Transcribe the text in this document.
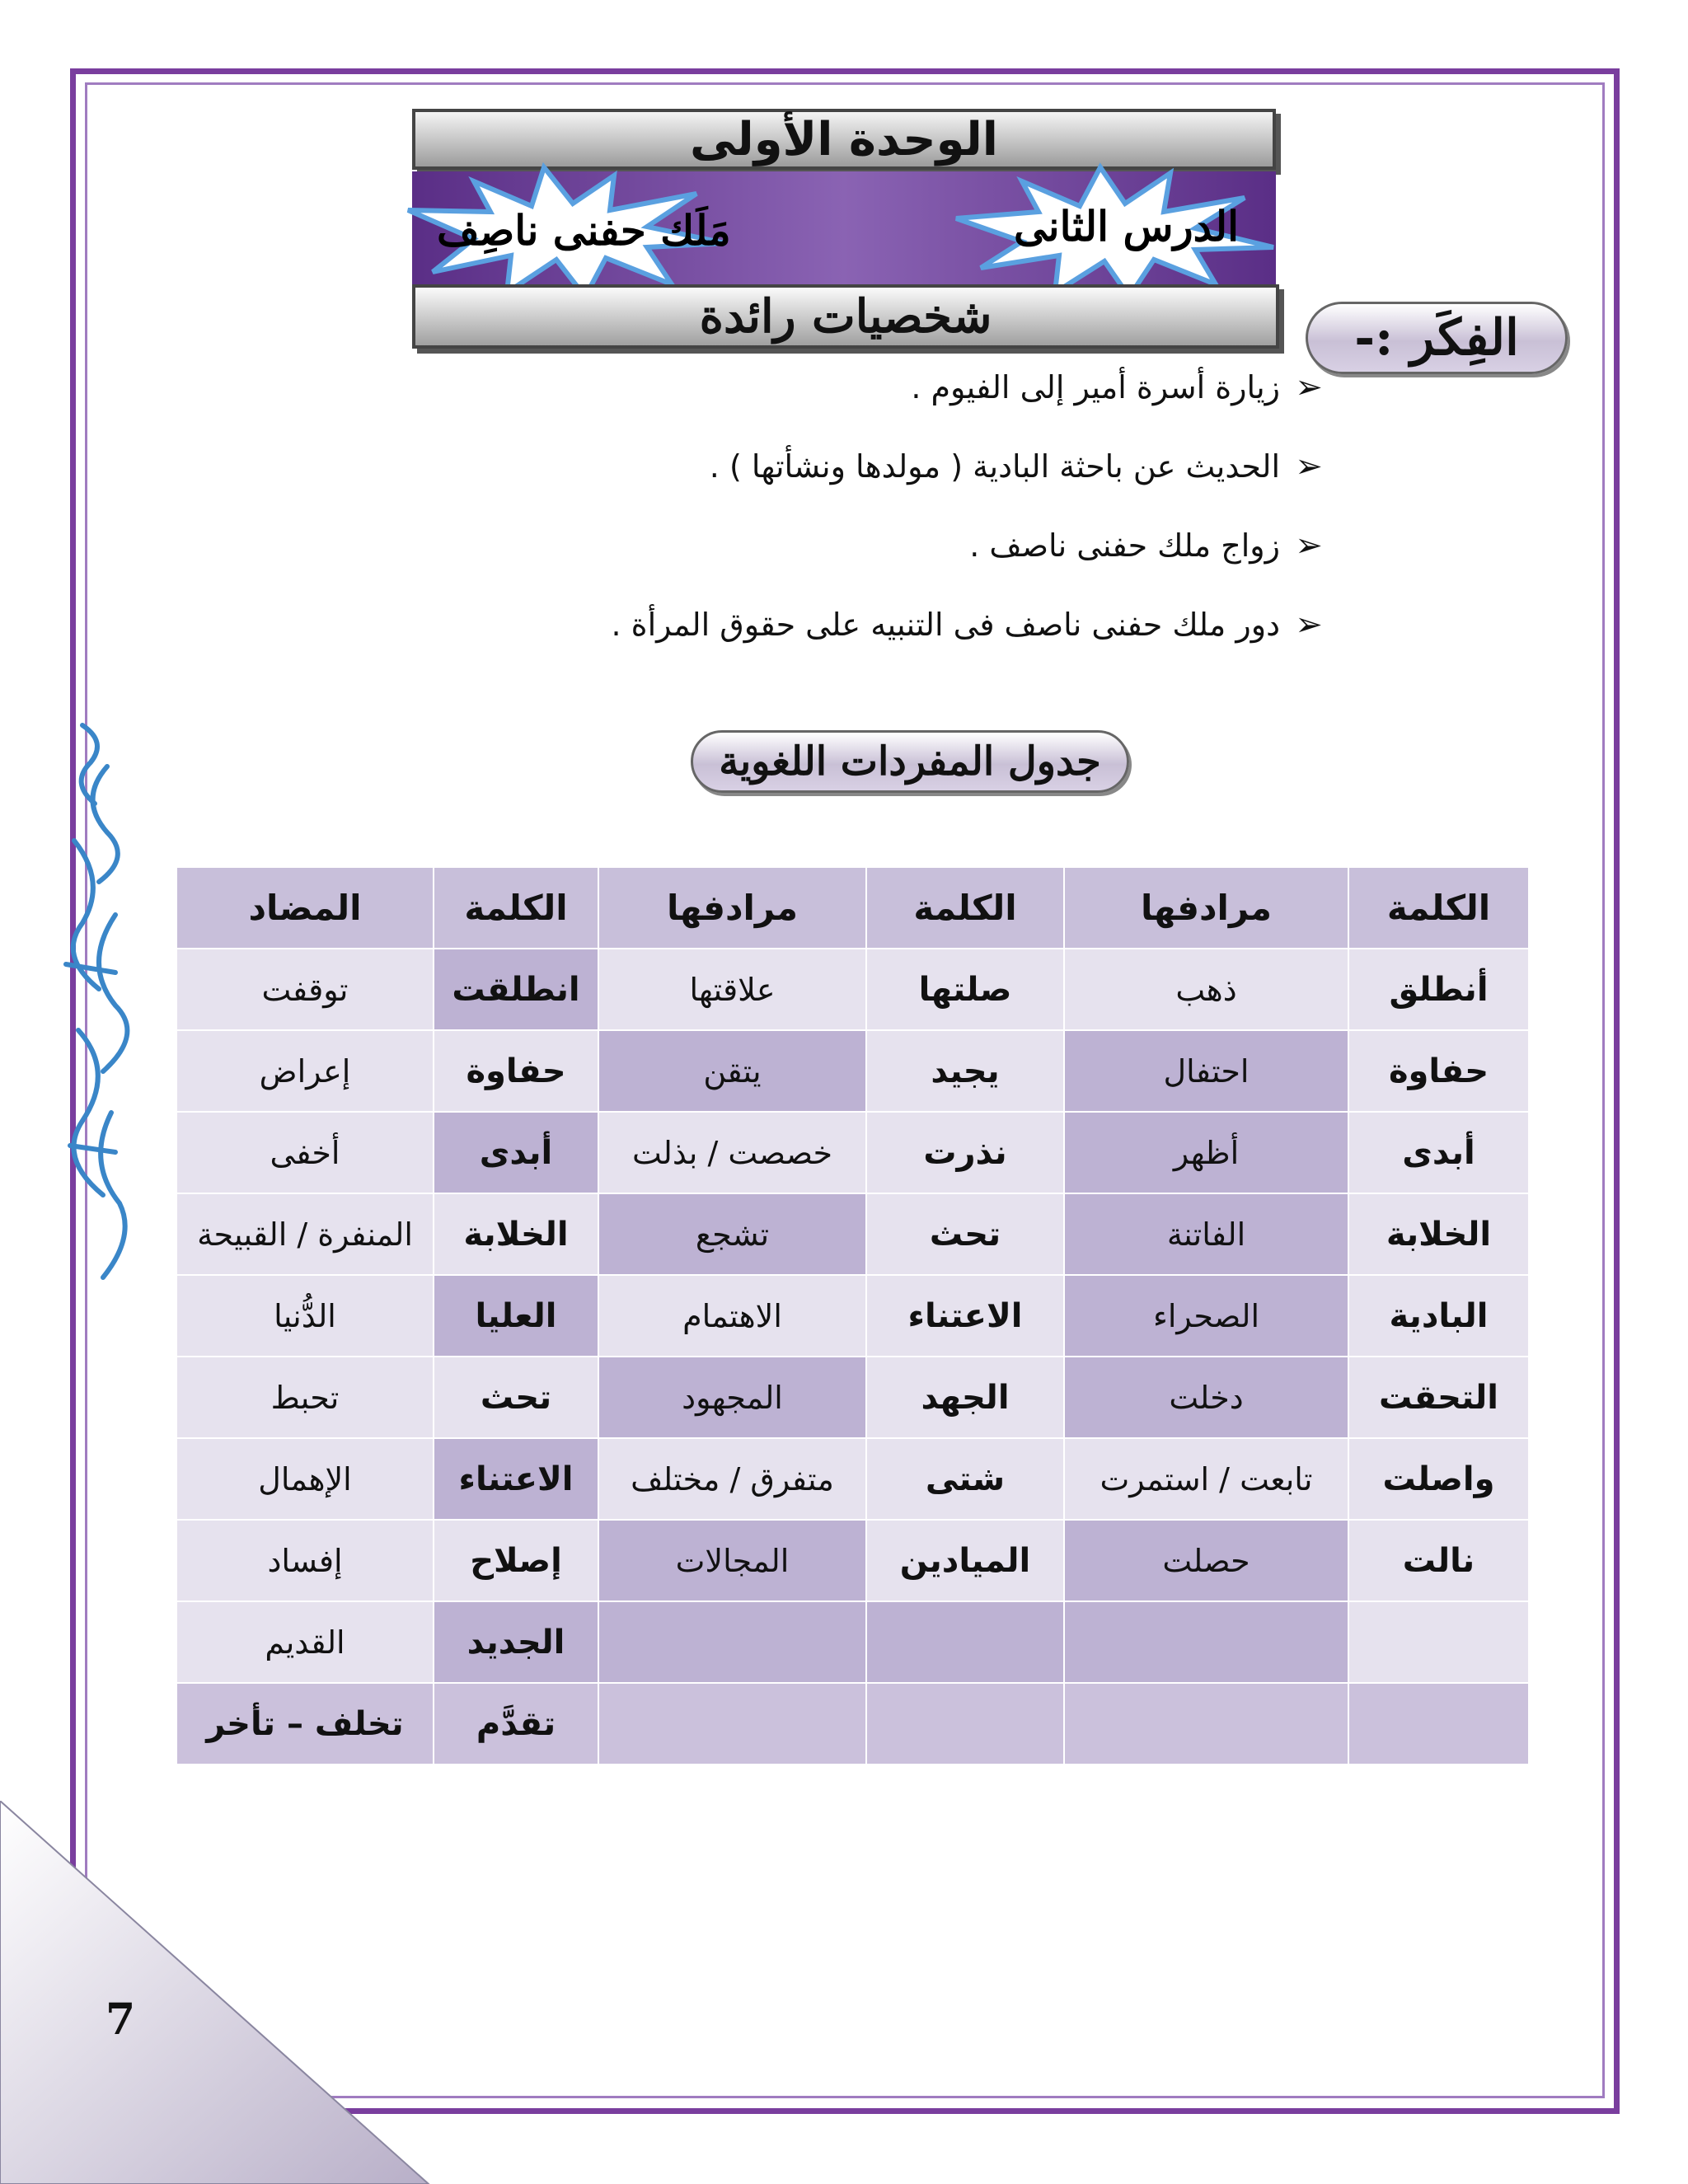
7
الوحدة الأولى
مَلَك حفنى ناصِف	الدرس الثانى
شخصيات رائدة	الفِكَر :-
➢
زيارة أسرة أمير إلى الفيوم .
➢
الحديث عن باحثة البادية ( مولدها ونشأتها ) .
➢
زواج ملك حفنى ناصف .
➢
دور ملك حفنى ناصف فى التنبيه على حقوق المرأة .
جدول المفردات اللغوية
الكلمة	مرادفها	الكلمة	مرادفها	الكلمة	المضاد
أنطلق	ذهب	صلتها	علاقتها	انطلقت	توقفت
حفاوة	احتفال	يجيد	يتقن	حفاوة	إعراض
أبدى	أظهر	نذرت	خصصت / بذلت	أبدى	أخفى
الخلابة	الفاتنة	تحث	تشجع	الخلابة	المنفرة / القبيحة
البادية	الصحراء	الاعتناء	الاهتمام	العليا	الدُّنيا
التحقت	دخلت	الجهد	المجهود	تحث	تحبط
واصلت	تابعت / استمرت	شتى	متفرق / مختلف	الاعتناء	الإهمال
نالت	حصلت	الميادين	المجالات	إصلاح	إفساد
				الجديد	القديم
				تقدَّم	تخلف – تأخر
